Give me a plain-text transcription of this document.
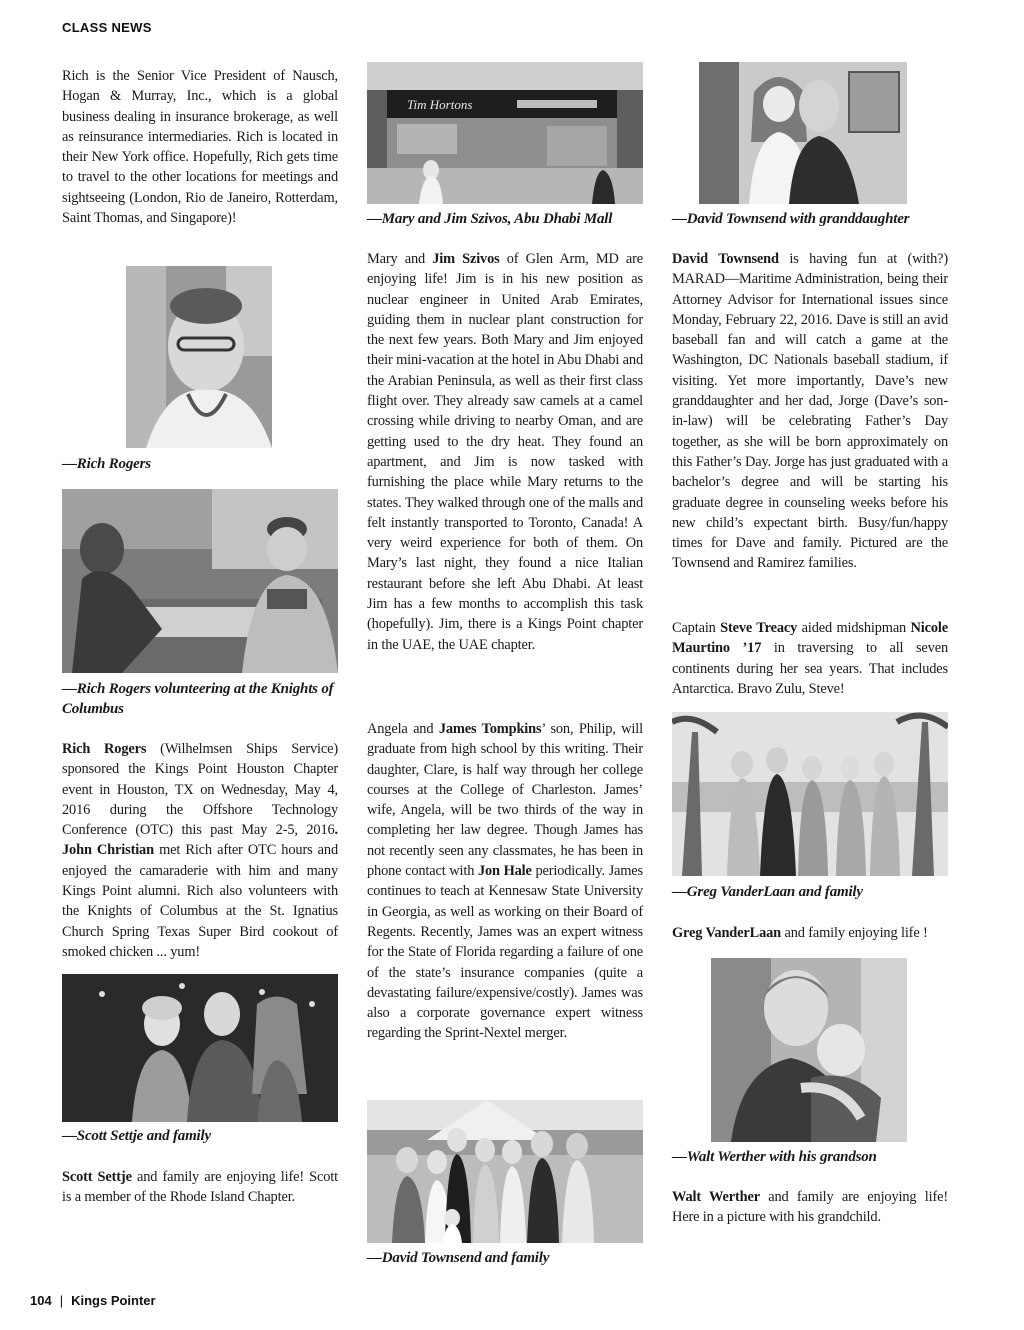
CLASS NEWS

Rich is the Senior Vice President of Nausch, Hogan & Murray, Inc., which is a global business dealing in insurance brokerage, as well as reinsurance intermediaries. Rich is located in their New York office. Hopefully, Rich gets time to travel to the other locations for meetings and sightseeing (London, Rio de Janeiro, Rotterdam, Saint Thomas, and Singapore)!

—Rich Rogers

—Rich Rogers volunteering at the Knights of Columbus

Rich Rogers (Wilhelmsen Ships Service) sponsored the Kings Point Houston Chapter event in Houston, TX on Wednesday, May 4, 2016 during the Offshore Technology Conference (OTC) this past May 2-5, 2016. John Christian met Rich after OTC hours and enjoyed the camaraderie with him and many Kings Point alumni. Rich also volunteers with the Knights of Columbus at the St. Ignatius Church Spring Texas Super Bird cookout of smoked chicken ... yum!

—Scott Settje and family

Scott Settje and family are enjoying life! Scott is a member of the Rhode Island Chapter.

Tim Hortons

—Mary and Jim Szivos, Abu Dhabi Mall

Mary and Jim Szivos of Glen Arm, MD are enjoying life! Jim is in his new position as nuclear engineer in United Arab Emirates, guiding them in nuclear plant construction for the next few years. Both Mary and Jim enjoyed their mini-vacation at the hotel in Abu Dhabi and the Arabian Peninsula, as well as their first class flight over. They already saw camels at a camel crossing while driving to nearby Oman, and are getting used to the dry heat. They found an apartment, and Jim is now tasked with furnishing the place while Mary returns to the states. They walked through one of the malls and felt instantly transported to Toronto, Canada! A very weird experience for both of them. On Mary’s last night, they found a nice Italian restaurant before she left Abu Dhabi. At least Jim has a few months to accomplish this task (hopefully). Jim, there is a Kings Point chapter in the UAE, the UAE chapter.

Angela and James Tompkins’ son, Philip, will graduate from high school by this writing. Their daughter, Clare, is half way through her college courses at the College of Charleston. James’ wife, Angela, will be two thirds of the way in completing her law degree. Though James has not recently seen any classmates, he has been in phone contact with Jon Hale periodically. James continues to teach at Kennesaw State University in Georgia, as well as working on their Board of Regents. Recently, James was an expert witness for the State of Florida regarding a failure of one of the state’s insurance companies (quite a devastating failure/expensive/costly). James was also a corporate governance expert witness regarding the Sprint-Nextel merger.

—David Townsend and family

—David Townsend with granddaughter

David Townsend is having fun at (with?) MARAD—Maritime Administration, being their Attorney Advisor for International issues since Monday, February 22, 2016. Dave is still an avid baseball fan and will catch a game at the Washington, DC Nationals baseball stadium, if visiting. Yet more importantly, Dave’s new granddaughter and her dad, Jorge (Dave’s son-in-law) will be celebrating Father’s Day together, as she will be born approximately on this Father’s Day. Jorge has just graduated with a bachelor’s degree and will be starting his graduate degree in counseling weeks before his new child’s expectant birth. Busy/fun/happy times for Dave and family. Pictured are the Townsend and Ramirez families.

Captain Steve Treacy aided midshipman Nicole Maurtino ’17 in traversing to all seven continents during her sea years. That includes Antarctica. Bravo Zulu, Steve!

—Greg VanderLaan and family

Greg VanderLaan and family enjoying life !

—Walt Werther with his grandson

Walt Werther and family are enjoying life! Here in a picture with his grandchild.

104 | Kings Pointer
